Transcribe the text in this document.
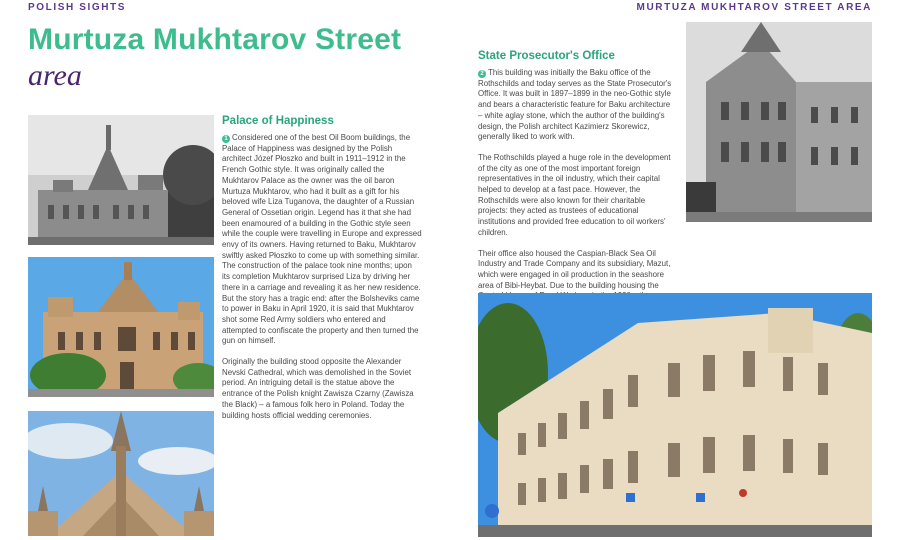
POLISH SIGHTS	MURTUZA MUKHTAROV STREET AREA
Murtuza Mukhtarov Street
area
Palace of Happiness

1 Considered one of the best Oil Boom buildings, the Palace of Happiness was designed by the Polish architect Józef Płoszko and built in 1911–1912 in the French Gothic style. It was originally called the Mukhtarov Palace as the owner was the oil baron Murtuza Mukhtarov, who had it built as a gift for his beloved wife Liza Tuganova, the daughter of a Russian General of Ossetian origin. Legend has it that she had been enamoured of a building in the Gothic style seen while the couple were travelling in Europe and expressed envy of its owners. Having returned to Baku, Mukhtarov swiftly asked Płoszko to come up with something similar. The construction of the palace took nine months; upon its completion Mukhtarov surprised Liza by driving her there in a carriage and revealing it as her new residence. But the story has a tragic end: after the Bolsheviks came to power in Baku in April 1920, it is said that Mukhtarov shot some Red Army soldiers who entered and attempted to confiscate the property and then turned the gun on himself.

Originally the building stood opposite the Alexander Nevski Cathedral, which was demolished in the Soviet period. An intriguing detail is the statue above the entrance of the Polish knight Zawisza Czarny (Zawisza the Black) – a famous folk hero in Poland. Today the building hosts official wedding ceremonies.

State Prosecutor's Office

2 This building was initially the Baku office of the Rothschilds and today serves as the State Prosecutor's Office. It was built in 1897–1899 in the neo-Gothic style and bears a characteristic feature for Baku architecture – white aglay stone, which the author of the building's design, the Polish architect Kazimierz Skorewicz, generally liked to work with.

The Rothschilds played a huge role in the development of the city as one of the most important foreign representatives in the oil industry, which their capital helped to develop at a fast pace. However, the Rothschilds were also known for their charitable projects: they acted as trustees of educational institutions and provided free education to oil workers' children.

Their office also housed the Caspian-Black Sea Oil Industry and Trade Company and its subsidiary, Mazut, which were engaged in oil production in the seashore area of Bibi-Heybat. Due to the building housing the
